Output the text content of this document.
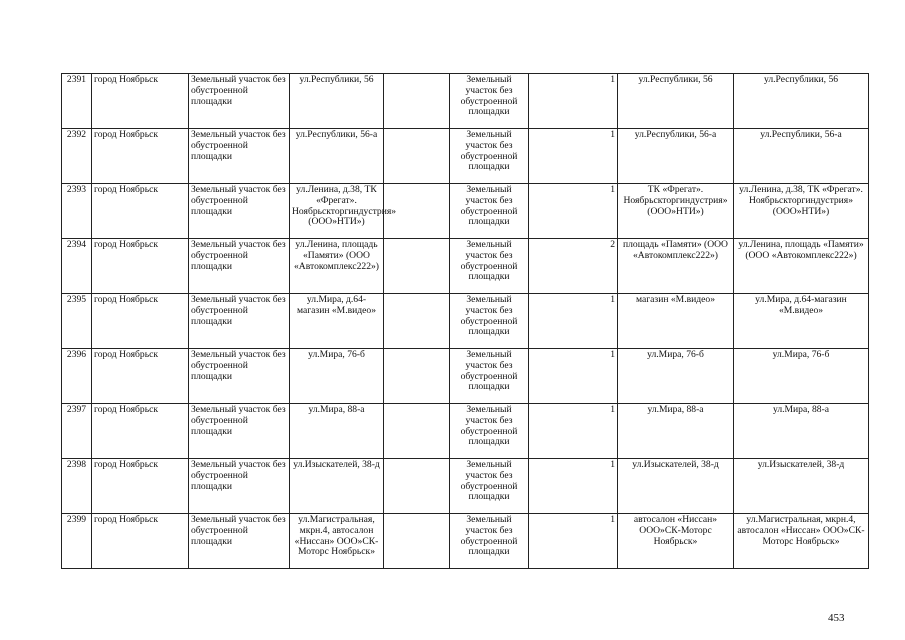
2391	город Ноябрьск	Земельный участок без обустроенной площадки	ул.Республики, 56		Земельный участок без обустроенной площадки	1	ул.Республики, 56	ул.Республики, 56
2392	город Ноябрьск	Земельный участок без обустроенной площадки	ул.Республики, 56-а		Земельный участок без обустроенной площадки	1	ул.Республики, 56-а	ул.Республики, 56-а
2393	город Ноябрьск	Земельный участок без обустроенной площадки	ул.Ленина, д.38, ТК «Фрегат». Ноябрьскторгиндустрия» (ООО»НТИ»)		Земельный участок без обустроенной площадки	1	ТК «Фрегат». Ноябрьскторгиндустрия» (ООО»НТИ»)	ул.Ленина, д.38, ТК «Фрегат». Ноябрьскторгиндустрия» (ООО»НТИ»)
2394	город Ноябрьск	Земельный участок без обустроенной площадки	ул.Ленина, площадь «Памяти» (ООО «Автокомплекс222»)		Земельный участок без обустроенной площадки	2	площадь «Памяти» (ООО «Автокомплекс222»)	ул.Ленина, площадь «Памяти» (ООО «Автокомплекс222»)
2395	город Ноябрьск	Земельный участок без обустроенной площадки	ул.Мира, д.64-магазин «М.видео»		Земельный участок без обустроенной площадки	1	магазин «М.видео»	ул.Мира, д.64-магазин «М.видео»
2396	город Ноябрьск	Земельный участок без обустроенной площадки	ул.Мира, 76-б		Земельный участок без обустроенной площадки	1	ул.Мира, 76-б	ул.Мира, 76-б
2397	город Ноябрьск	Земельный участок без обустроенной площадки	ул.Мира, 88-а		Земельный участок без обустроенной площадки	1	ул.Мира, 88-а	ул.Мира, 88-а
2398	город Ноябрьск	Земельный участок без обустроенной площадки	ул.Изыскателей, 38-д		Земельный участок без обустроенной площадки	1	ул.Изыскателей, 38-д	ул.Изыскателей, 38-д
2399	город Ноябрьск	Земельный участок без обустроенной площадки	ул.Магистральная, мкрн.4, автосалон «Ниссан» ООО»СК-Моторс Ноябрьск»		Земельный участок без обустроенной площадки	1	автосалон «Ниссан» ООО»СК-Моторс Ноябрьск»	ул.Магистральная, мкрн.4, автосалон «Ниссан» ООО»СК-Моторс Ноябрьск»
453
